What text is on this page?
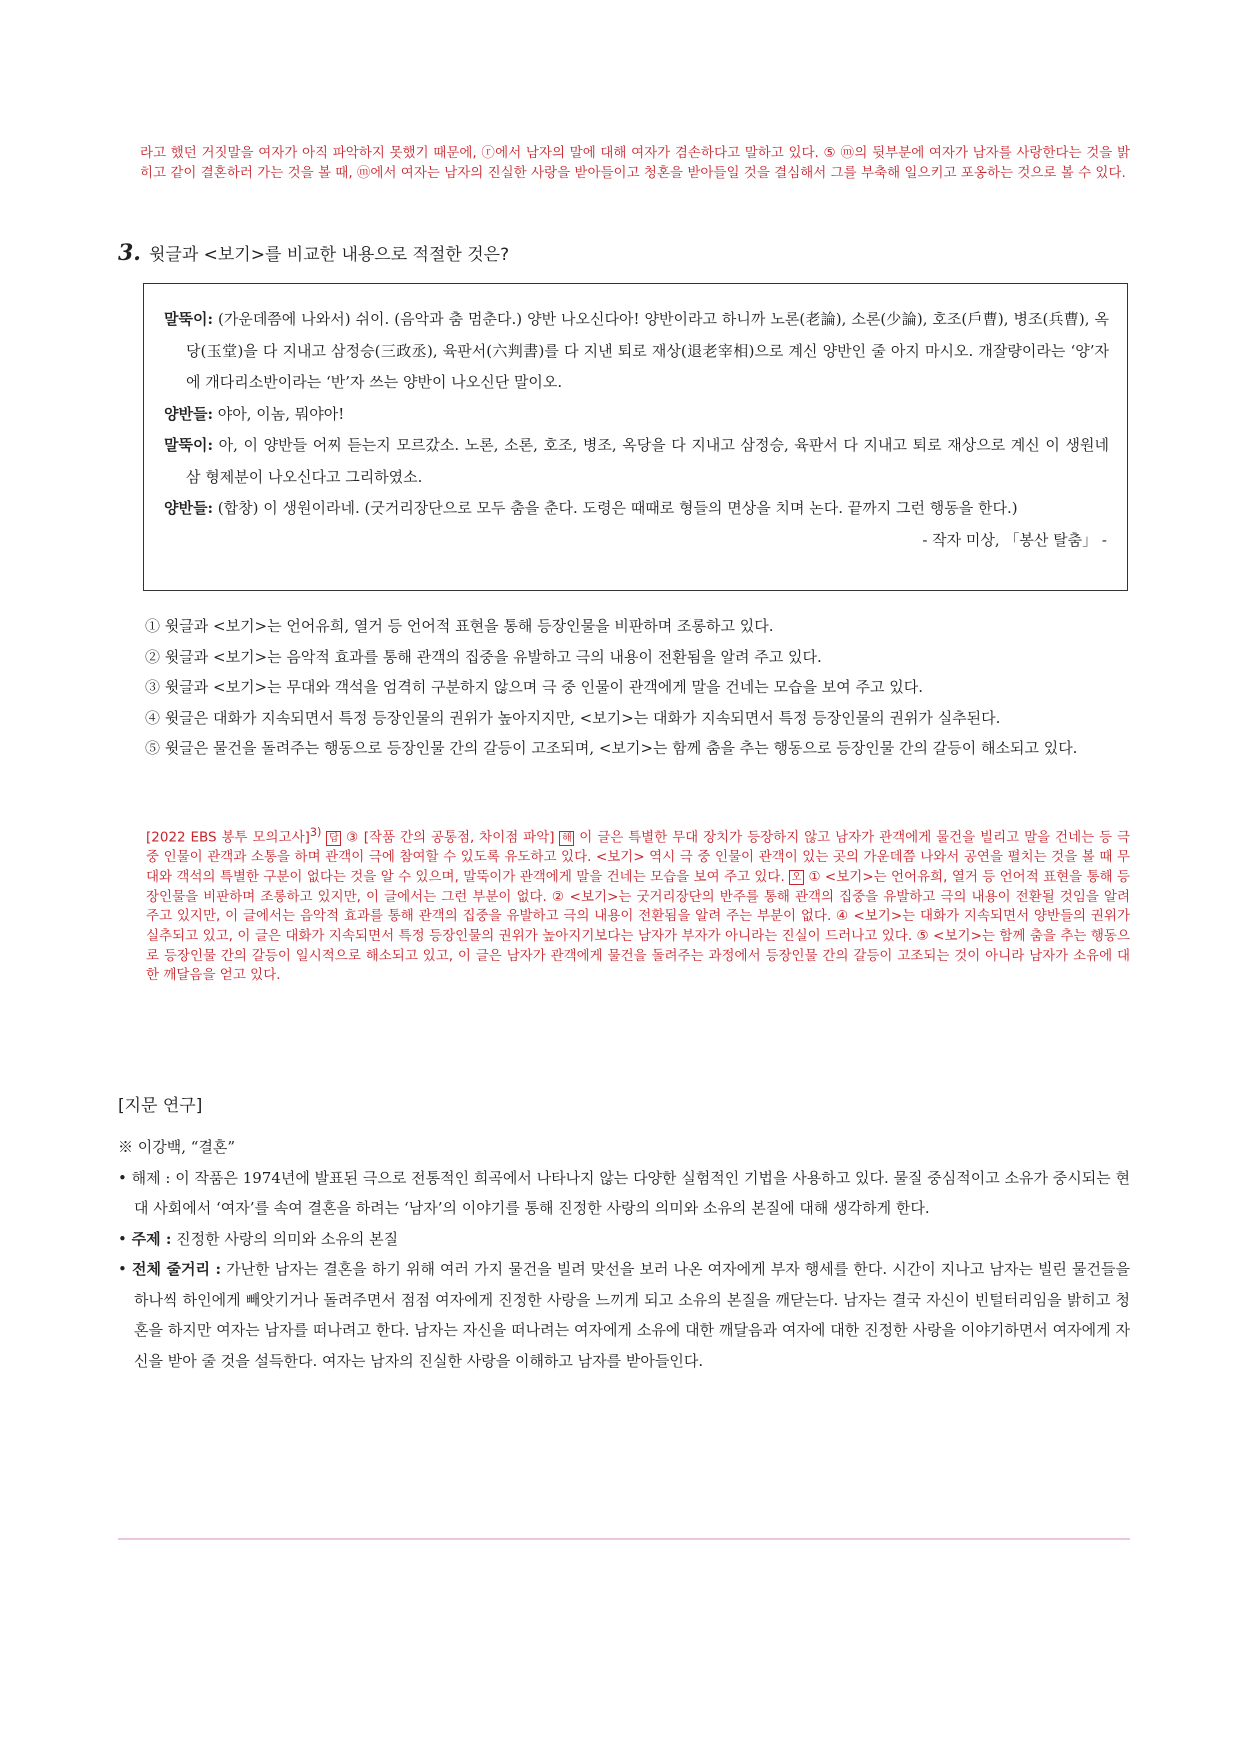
라고 했던 거짓말을 여자가 아직 파악하지 못했기 때문에, ⓡ에서 남자의 말에 대해 여자가 겸손하다고 말하고 있다. ⑤ ⓜ의 뒷부분에 여자가 남자를 사랑한다는 것을 밝히고 같이 결혼하러 가는 것을 볼 때, ⓜ에서 여자는 남자의 진실한 사랑을 받아들이고 청혼을 받아들일 것을 결심해서 그를 부축해 일으키고 포옹하는 것으로 볼 수 있다.
3. 윗글과 <보기>를 비교한 내용으로 적절한 것은?
말뚝이: (가운데쯤에 나와서) 쉬이. (음악과 춤 멈춘다.) 양반 나오신다아! 양반이라고 하니까 노론(老論), 소론(少論), 호조(戶曹), 병조(兵曹), 옥당(玉堂)을 다 지내고 삼정승(三政丞), 육판서(六判書)를 다 지낸 퇴로 재상(退老宰相)으로 계신 양반인 줄 아지 마시오. 개잘량이라는 ‘양’자에 개다리소반이라는 ‘반’자 쓰는 양반이 나오신단 말이오.
양반들: 야아, 이놈, 뭐야아!
말뚝이: 아, 이 양반들 어찌 듣는지 모르갔소. 노론, 소론, 호조, 병조, 옥당을 다 지내고 삼정승, 육판서 다 지내고 퇴로 재상으로 계신 이 생원네 삼 형제분이 나오신다고 그리하였소.
양반들: (합창) 이 생원이라네. (굿거리장단으로 모두 춤을 춘다. 도령은 때때로 형들의 면상을 치며 논다. 끝까지 그런 행동을 한다.)
- 작자 미상, 「봉산 탈춤」 -
① 윗글과 <보기>는 언어유희, 열거 등 언어적 표현을 통해 등장인물을 비판하며 조롱하고 있다.
② 윗글과 <보기>는 음악적 효과를 통해 관객의 집중을 유발하고 극의 내용이 전환됨을 알려 주고 있다.
③ 윗글과 <보기>는 무대와 객석을 엄격히 구분하지 않으며 극 중 인물이 관객에게 말을 건네는 모습을 보여 주고 있다.
④ 윗글은 대화가 지속되면서 특정 등장인물의 권위가 높아지지만, <보기>는 대화가 지속되면서 특정 등장인물의 권위가 실추된다.
⑤ 윗글은 물건을 돌려주는 행동으로 등장인물 간의 갈등이 고조되며, <보기>는 함께 춤을 추는 행동으로 등장인물 간의 갈등이 해소되고 있다.
[2022 EBS 봉투 모의고사]$^{3)}$ 답 ③ [작품 간의 공통점, 차이점 파악] 해 이 글은 특별한 무대 장치가 등장하지 않고 남자가 관객에게 물건을 빌리고 말을 건네는 등 극 중 인물이 관객과 소통을 하며 관객이 극에 참여할 수 있도록 유도하고 있다. <보기> 역시 극 중 인물이 관객이 있는 곳의 가운데쯤 나와서 공연을 펼치는 것을 볼 때 무대와 객석의 특별한 구분이 없다는 것을 알 수 있으며, 말뚝이가 관객에게 말을 건네는 모습을 보여 주고 있다. 오 ① <보기>는 언어유희, 열거 등 언어적 표현을 통해 등장인물을 비판하며 조롱하고 있지만, 이 글에서는 그런 부분이 없다. ② <보기>는 굿거리장단의 반주를 통해 관객의 집중을 유발하고 극의 내용이 전환될 것임을 알려 주고 있지만, 이 글에서는 음악적 효과를 통해 관객의 집중을 유발하고 극의 내용이 전환됨을 알려 주는 부분이 없다. ④ <보기>는 대화가 지속되면서 양반들의 권위가 실추되고 있고, 이 글은 대화가 지속되면서 특정 등장인물의 권위가 높아지기보다는 남자가 부자가 아니라는 진실이 드러나고 있다. ⑤ <보기>는 함께 춤을 추는 행동으로 등장인물 간의 갈등이 일시적으로 해소되고 있고, 이 글은 남자가 관객에게 물건을 돌려주는 과정에서 등장인물 간의 갈등이 고조되는 것이 아니라 남자가 소유에 대한 깨달음을 얻고 있다.
[지문 연구]
※ 이강백, “결혼”
• 해제 : 이 작품은 1974년에 발표된 극으로 전통적인 희곡에서 나타나지 않는 다양한 실험적인 기법을 사용하고 있다. 물질 중심적이고 소유가 중시되는 현대 사회에서 ‘여자’를 속여 결혼을 하려는 ‘남자’의 이야기를 통해 진정한 사랑의 의미와 소유의 본질에 대해 생각하게 한다.
• 주제 : 진정한 사랑의 의미와 소유의 본질
• 전체 줄거리 : 가난한 남자는 결혼을 하기 위해 여러 가지 물건을 빌려 맞선을 보러 나온 여자에게 부자 행세를 한다. 시간이 지나고 남자는 빌린 물건들을 하나씩 하인에게 빼앗기거나 돌려주면서 점점 여자에게 진정한 사랑을 느끼게 되고 소유의 본질을 깨닫는다. 남자는 결국 자신이 빈털터리임을 밝히고 청혼을 하지만 여자는 남자를 떠나려고 한다. 남자는 자신을 떠나려는 여자에게 소유에 대한 깨달음과 여자에 대한 진정한 사랑을 이야기하면서 여자에게 자신을 받아 줄 것을 설득한다. 여자는 남자의 진실한 사랑을 이해하고 남자를 받아들인다.
